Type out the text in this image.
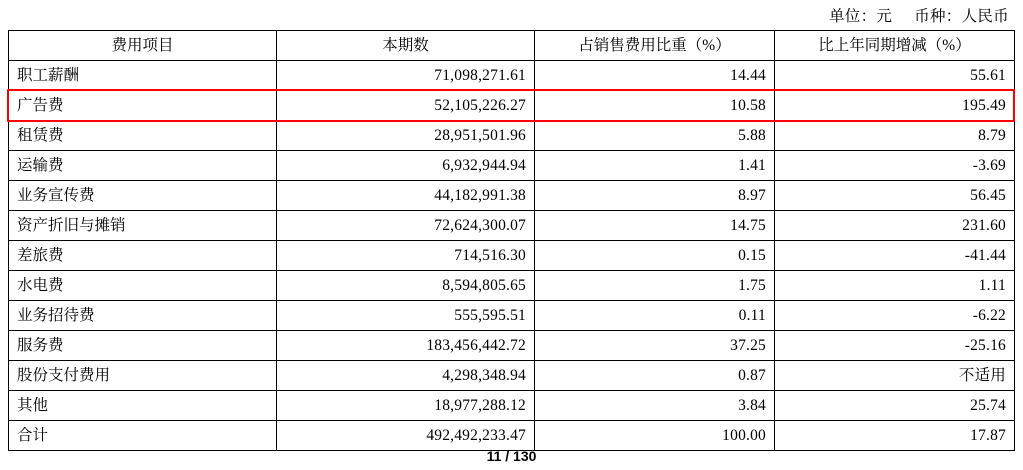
单位：元 币种：人民币
费用项目	本期数	占销售费用比重（%）	比上年同期增减（%）
职工薪酬	71,098,271.61	14.44	55.61
广告费	52,105,226.27	10.58	195.49
租赁费	28,951,501.96	5.88	8.79
运输费	6,932,944.94	1.41	-3.69
业务宣传费	44,182,991.38	8.97	56.45
资产折旧与摊销	72,624,300.07	14.75	231.60
差旅费	714,516.30	0.15	-41.44
水电费	8,594,805.65	1.75	1.11
业务招待费	555,595.51	0.11	-6.22
服务费	183,456,442.72	37.25	-25.16
股份支付费用	4,298,348.94	0.87	不适用
其他	18,977,288.12	3.84	25.74
合计	492,492,233.47	100.00	17.87
11 / 130
